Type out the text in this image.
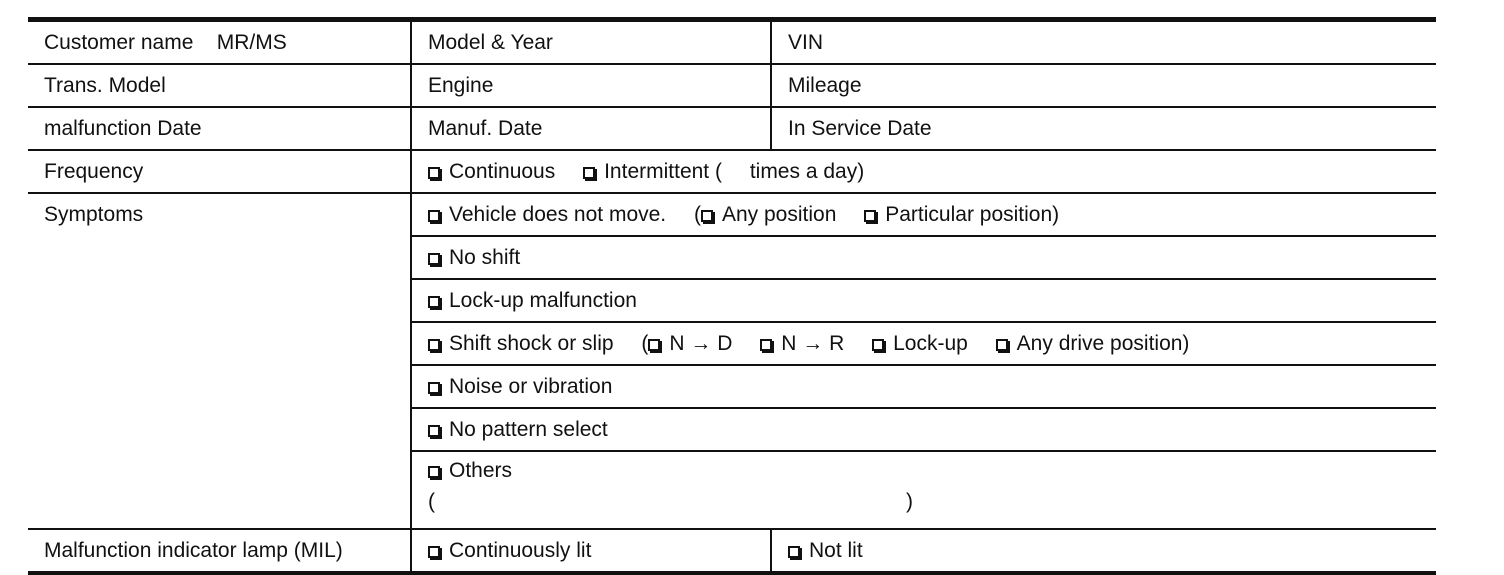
Customer name MR/MS	Model & Year	VIN
Trans. Model	Engine	Mileage
malfunction Date	Manuf. Date	In Service Date
Frequency	Continuous Intermittent ( times a day)	
Symptoms	Vehicle does not move. ( Any position Particular position)	
	No shift	
	Lock-up malfunction	
	Shift shock or slip ( N → D N → R Lock-up Any drive position)	
	Noise or vibration	
	No pattern select	
	Others
( )	

Malfunction indicator lamp (MIL)	Continuously lit	Not lit
